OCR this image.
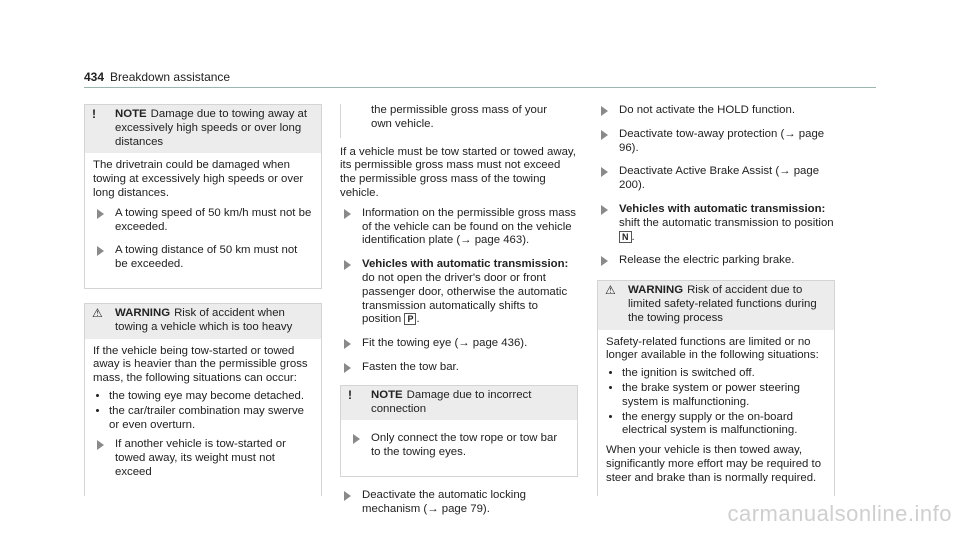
434 Breakdown assistance
!	NOTE Damage due to towing away at excessively high speeds or over long distances

The drivetrain could be damaged when towing at excessively high speeds or over long distances.

A towing speed of 50 km/h must not be exceeded.
A towing distance of 50 km must not be exceeded.
⚠	WARNING Risk of accident when towing a vehicle which is too heavy

If the vehicle being tow-started or towed away is heavier than the permissible gross mass, the following situations can occur:

• the towing eye may become detached.
• the car/trailer combination may swerve or even overturn.
If another vehicle is tow-started or towed away, its weight must not exceed
the permissible gross mass of your own vehicle.

If a vehicle must be tow started or towed away, its permissible gross mass must not exceed the permissible gross mass of the towing vehicle.

Information on the permissible gross mass of the vehicle can be found on the vehicle identification plate (→ page 463).
Vehicles with automatic transmission: do not open the driver's door or front passenger door, otherwise the automatic transmission automatically shifts to position P .
Fit the towing eye (→ page 436).
Fasten the tow bar.
!	NOTE Damage due to incorrect connection
Only connect the tow rope or tow bar to the towing eyes.
Deactivate the automatic locking mechanism (→ page 79).
Do not activate the HOLD function.
Deactivate tow-away protection (→ page 96).
Deactivate Active Brake Assist (→ page 200).
Vehicles with automatic transmission:
shift the automatic transmission to position N .
Release the electric parking brake.
⚠	WARNING Risk of accident due to limited safety-related functions during the towing process

Safety-related functions are limited or no longer available in the following situations:

• the ignition is switched off.
• the brake system or power steering system is malfunctioning.
• the energy supply or the on-board electrical system is malfunctioning.

When your vehicle is then towed away, significantly more effort may be required to steer and brake than is normally required.

carmanualsonline.info
